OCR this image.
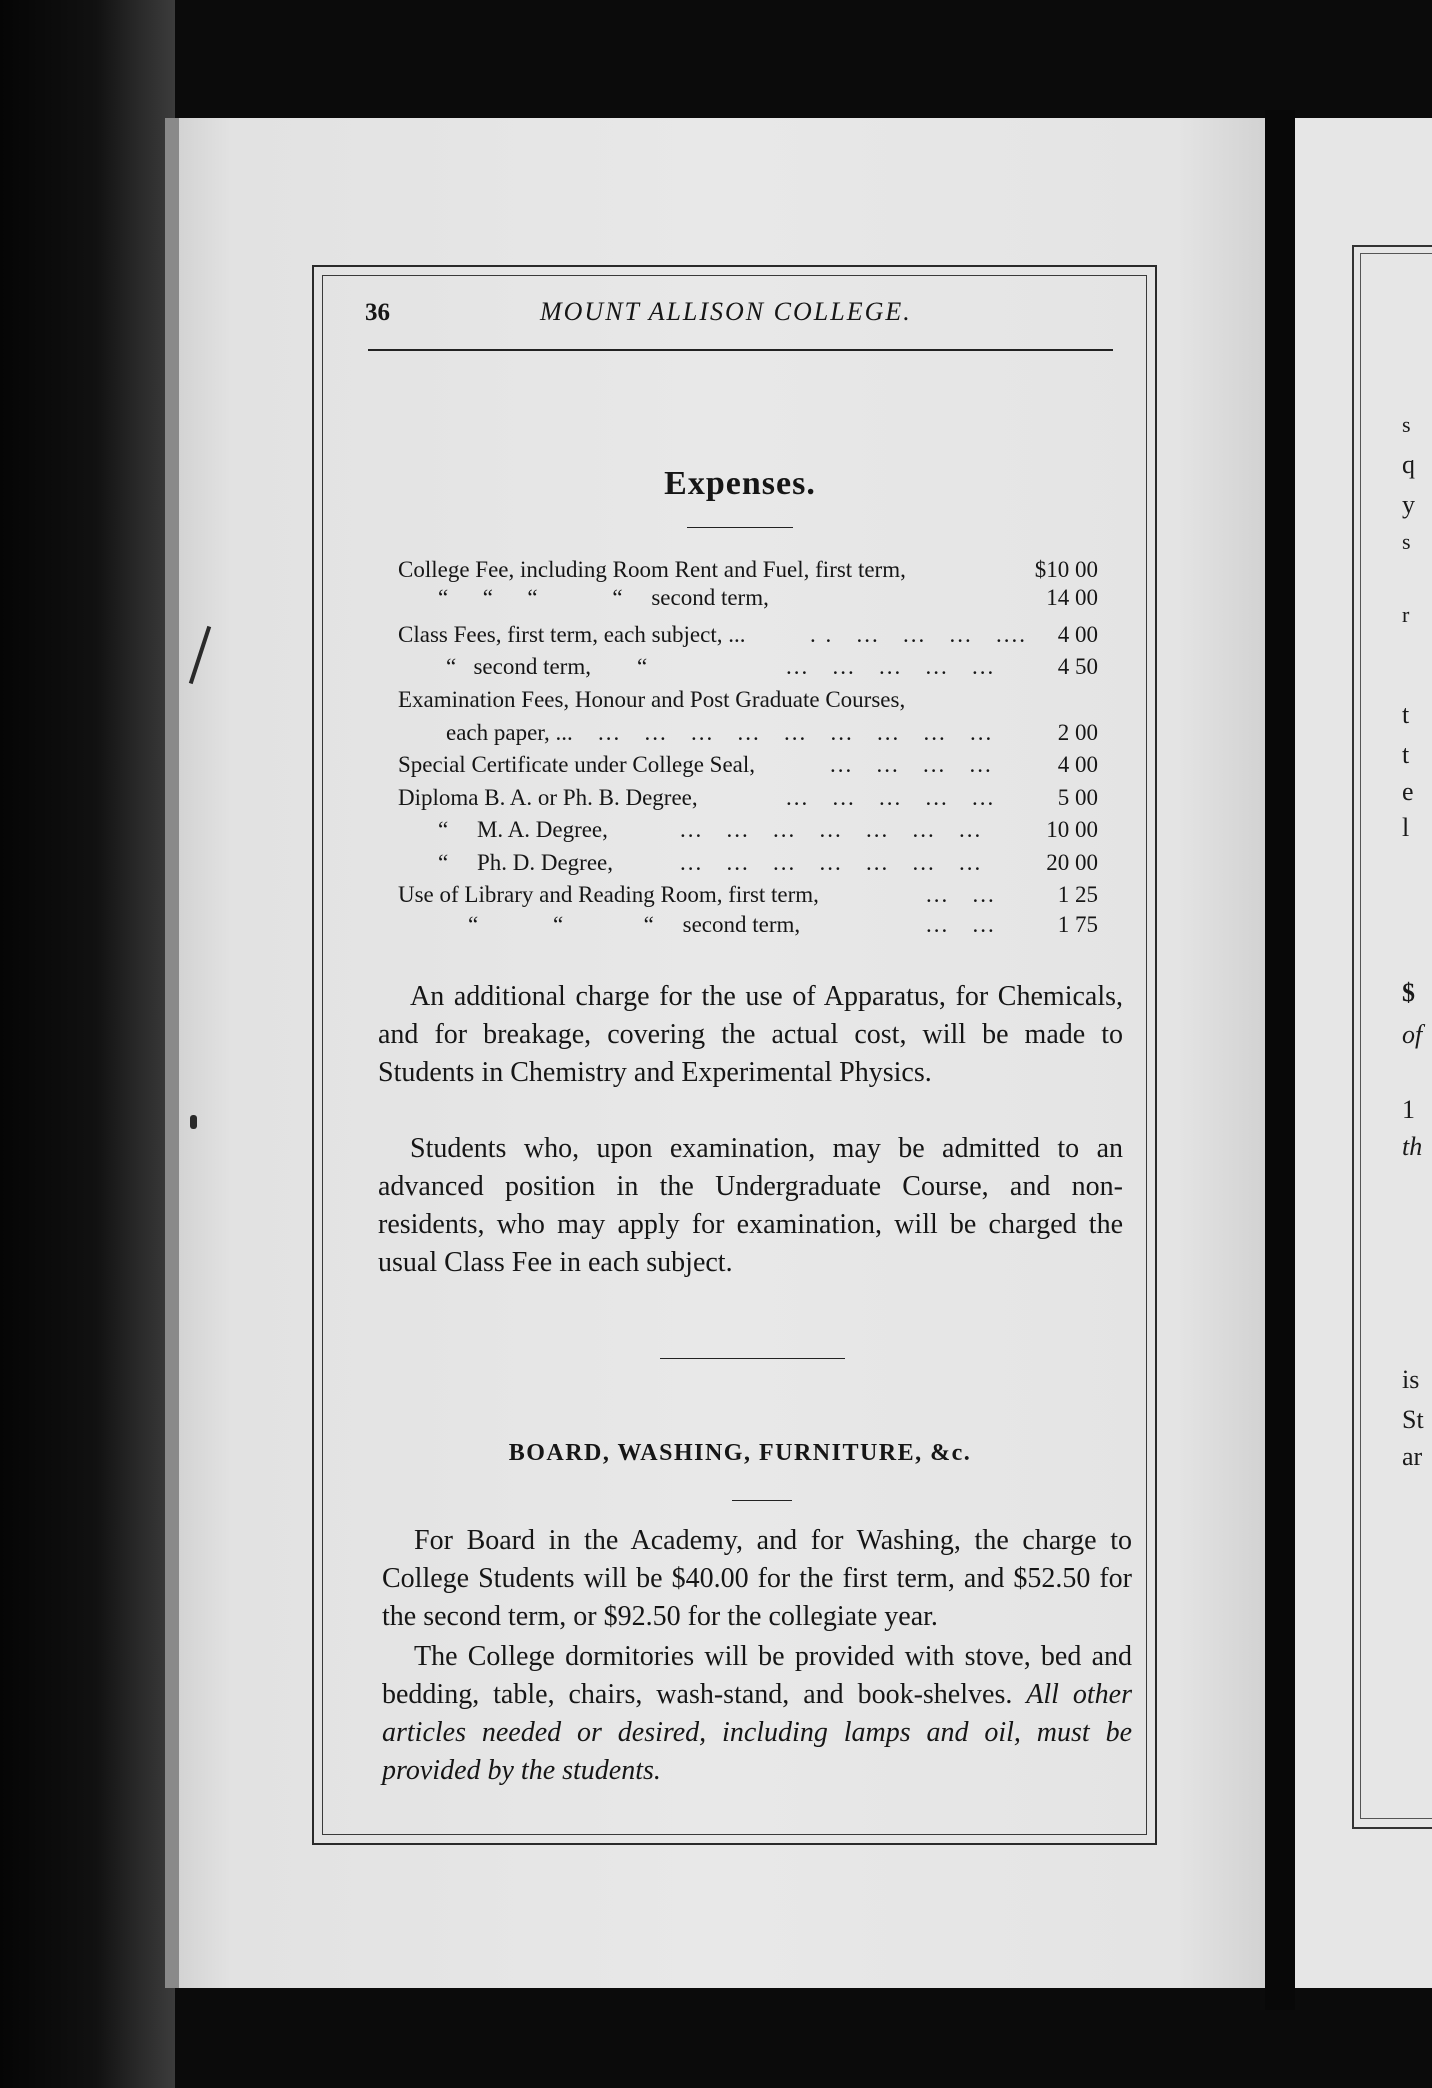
s
q
y
s
r
t
t
e
l
$
of
1
th
is
St
ar
36	MOUNT ALLISON COLLEGE.
Expenses.
College Fee, including Room Rent and Fuel, first term,	$10 00
“      “      “             “     second term,	14 00
Class Fees, first term, each subject, ...	. .   ...   ...   ...   ....	4 00
“   second term,        “	...   ...   ...   ...   ...	4 50
Examination Fees, Honour and Post Graduate Courses,
each paper, ... ...   ...   ...   ...   ...   ...   ...   ...   ...	2 00
Special Certificate under College Seal,	...   ...   ...   ...	4 00
Diploma B. A. or Ph. B. Degree,	...   ...   ...   ...   ...	5 00
“     M. A. Degree,	...   ...   ...   ...   ...   ...   ...	10 00
“     Ph. D. Degree,	...   ...   ...   ...   ...   ...   ...	20 00
Use of Library and Reading Room, first term,	...   ...	1 25
“             “              “     second term,	...   ...	1 75
An additional charge for the use of Apparatus, for Chemicals, and for breakage, covering the actual cost, will be made to Students in Chemistry and Experimental Physics.
Students who, upon examination, may be admitted to an advanced position in the Undergraduate Course, and non-residents, who may apply for examination, will be charged the usual Class Fee in each subject.
BOARD, WASHING, FURNITURE, &c.
For Board in the Academy, and for Washing, the charge to College Students will be $40.00 for the first term, and $52.50 for the second term, or $92.50 for the collegiate year.
The College dormitories will be provided with stove, bed and bedding, table, chairs, wash-stand, and book-shelves. All other articles needed or desired, including lamps and oil, must be provided by the students.
